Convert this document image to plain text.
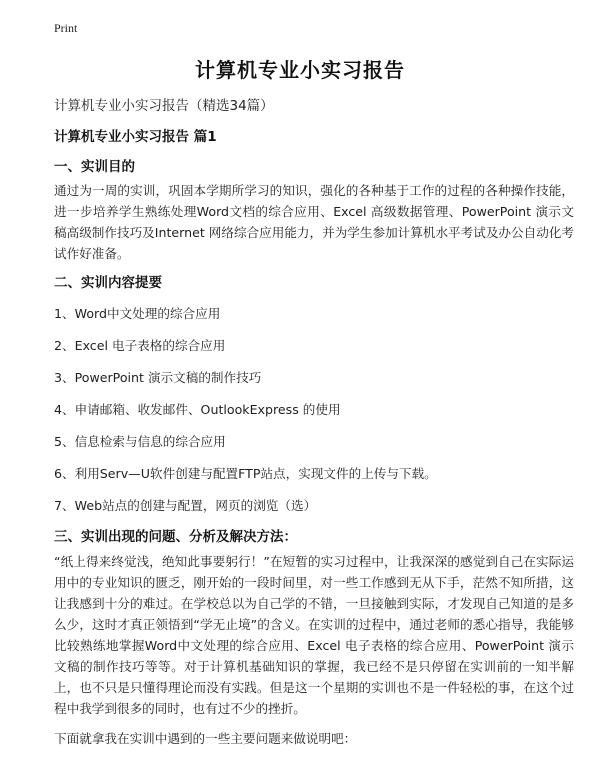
Print
计算机专业小实习报告
计算机专业小实习报告（精选34篇）
计算机专业小实习报告 篇1
一、实训目的
通过为一周的实训，巩固本学期所学习的知识，强化的各种基于工作的过程的各种操作技能，进一步培养学生熟练处理Word文档的综合应用、Excel 高级数据管理、PowerPoint 演示文稿高级制作技巧及Internet 网络综合应用能力，并为学生参加计算机水平考试及办公自动化考试作好准备。
二、实训内容提要
1、Word中文处理的综合应用
2、Excel 电子表格的综合应用
3、PowerPoint 演示文稿的制作技巧
4、申请邮箱、收发邮件、OutlookExpress 的使用
5、信息检索与信息的综合应用
6、利用Serv—U软件创建与配置FTP站点，实现文件的上传与下载。
7、Web站点的创建与配置，网页的浏览（选）
三、实训出现的问题、分析及解决方法：
“纸上得来终觉浅，绝知此事要躬行！”在短暂的实习过程中，让我深深的感觉到自己在实际运用中的专业知识的匮乏，刚开始的一段时间里，对一些工作感到无从下手，茫然不知所措，这让我感到十分的难过。在学校总以为自己学的不错，一旦接触到实际，才发现自己知道的是多么少，这时才真正领悟到“学无止境”的含义。在实训的过程中，通过老师的悉心指导，我能够比较熟练地掌握Word中文处理的综合应用、Excel 电子表格的综合应用、PowerPoint 演示文稿的制作技巧等等。对于计算机基础知识的掌握，我已经不是只停留在实训前的一知半解上，也不只是只懂得理论而没有实践。但是这一个星期的实训也不是一件轻松的事，在这个过程中我学到很多的同时，也有过不少的挫折。
下面就拿我在实训中遇到的一些主要问题来做说明吧：
